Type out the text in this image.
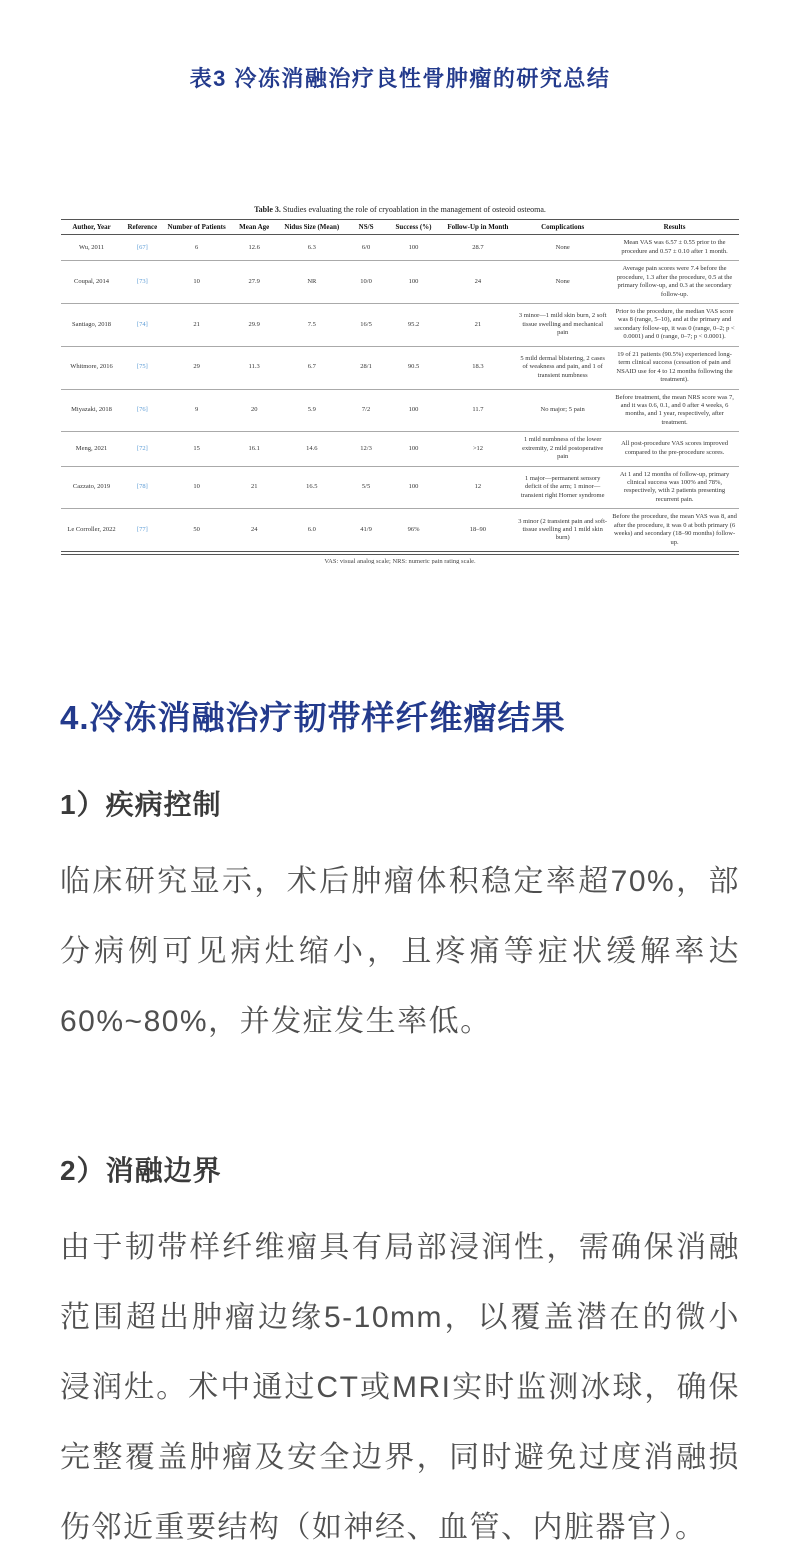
表3 冷冻消融治疗良性骨肿瘤的研究总结
Table 3. Studies evaluating the role of cryoablation in the management of osteoid osteoma.
Author, Year	Reference	Number of Patients	Mean Age	Nidus Size (Mean)	NS/S	Success (%)	Follow-Up in Month	Complications	Results
Wu, 2011	[67]	6	12.6	6.3	6/0	100	28.7	None	Mean VAS was 6.57 ± 0.55 prior to the procedure and 0.57 ± 0.10 after 1 month.
Coupal, 2014	[73]	10	27.9	NR	10/0	100	24	None	Average pain scores were 7.4 before the procedure, 1.3 after the procedure, 0.5 at the primary follow-up, and 0.3 at the secondary follow-up.
Santiago, 2018	[74]	21	29.9	7.5	16/5	95.2	21	3 minor—1 mild skin burn, 2 soft tissue swelling and mechanical pain	Prior to the procedure, the median VAS score was 8 (range, 5–10), and at the primary and secondary follow-up, it was 0 (range, 0–2; p < 0.0001) and 0 (range, 0–7; p < 0.0001).
Whitmore, 2016	[75]	29	11.3	6.7	28/1	90.5	18.3	5 mild dermal blistering, 2 cases of weakness and pain, and 1 of transient numbness	19 of 21 patients (90.5%) experienced long-term clinical success (cessation of pain and NSAID use for 4 to 12 months following the treatment).
Miyazaki, 2018	[76]	9	20	5.9	7/2	100	11.7	No major; 5 pain	Before treatment, the mean NRS score was 7, and it was 0.6, 0.1, and 0 after 4 weeks, 6 months, and 1 year, respectively, after treatment.
Meng, 2021	[72]	15	16.1	14.6	12/3	100	>12	1 mild numbness of the lower extremity, 2 mild postoperative pain	All post-procedure VAS scores improved compared to the pre-procedure scores.
Cazzato, 2019	[78]	10	21	16.5	5/5	100	12	1 major—permanent sensory deficit of the arm; 1 minor—transient right Horner syndrome	At 1 and 12 months of follow-up, primary clinical success was 100% and 78%, respectively, with 2 patients presenting recurrent pain.
Le Corroller, 2022	[77]	50	24	6.0	41/9	96%	18–90	3 minor (2 transient pain and soft-tissue swelling and 1 mild skin burn)	Before the procedure, the mean VAS was 8, and after the procedure, it was 0 at both primary (6 weeks) and secondary (18–90 months) follow-up.
VAS: visual analog scale; NRS: numeric pain rating scale.
4.冷冻消融治疗韧带样纤维瘤结果
1）疾病控制
临床研究显示，术后肿瘤体积稳定率超70%，部分病例可见病灶缩小，且疼痛等症状缓解率达60%~80%，并发症发生率低。
2）消融边界
由于韧带样纤维瘤具有局部浸润性，需确保消融范围超出肿瘤边缘5-10mm，以覆盖潜在的微小浸润灶。术中通过CT或MRI实时监测冰球，确保完整覆盖肿瘤及安全边界，同时避免过度消融损伤邻近重要结构（如神经、血管、内脏器官）。
